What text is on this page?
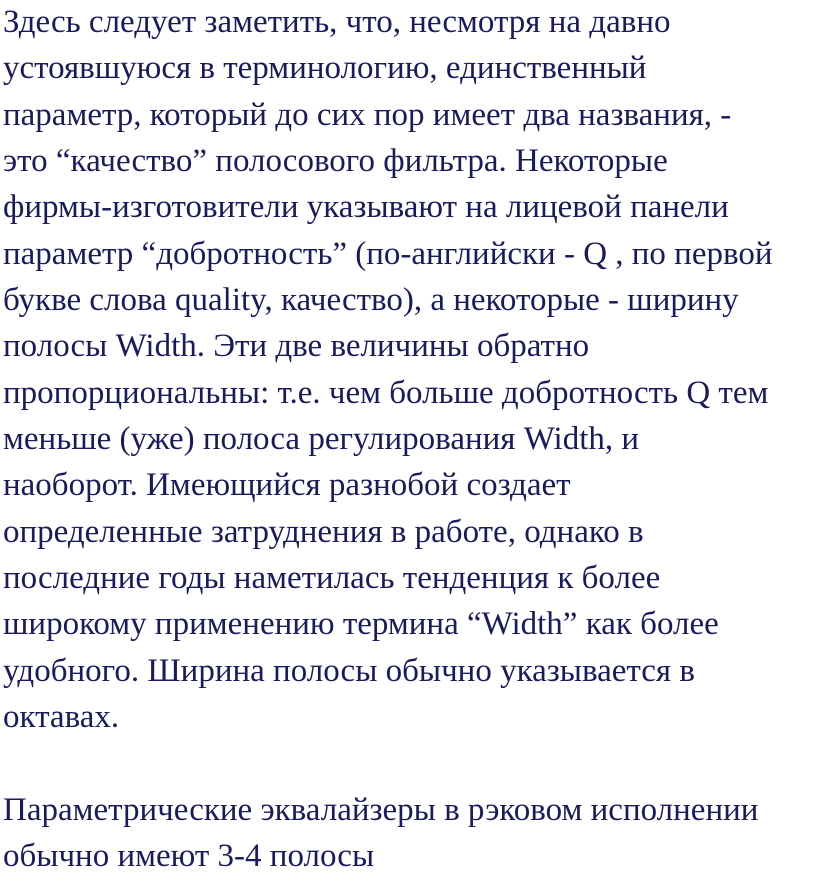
Здесь следует заметить, что, несмотря на давно

устоявшуюся в терминологию, единственный

параметр, который до сих пор имеет два названия, -

это “качество” полосового фильтра. Некоторые

фирмы-изготовители указывают на лицевой панели

параметр “добротность” (по-английски - Q , по первой

букве слова quality, качество), а некоторые - ширину

полосы Width. Эти две величины обратно

пропорциональны: т.е. чем больше добротность Q тем

меньше (уже) полоса регулирования Width, и

наоборот. Имеющийся разнобой создает

определенные затруднения в работе, однако в

последние годы наметилась тенденция к более

широкому применению термина “Width” как более

удобного. Ширина полосы обычно указывается в

октавах.

Параметрические эквалайзеры в рэковом исполнении

обычно имеют 3-4 полосы
